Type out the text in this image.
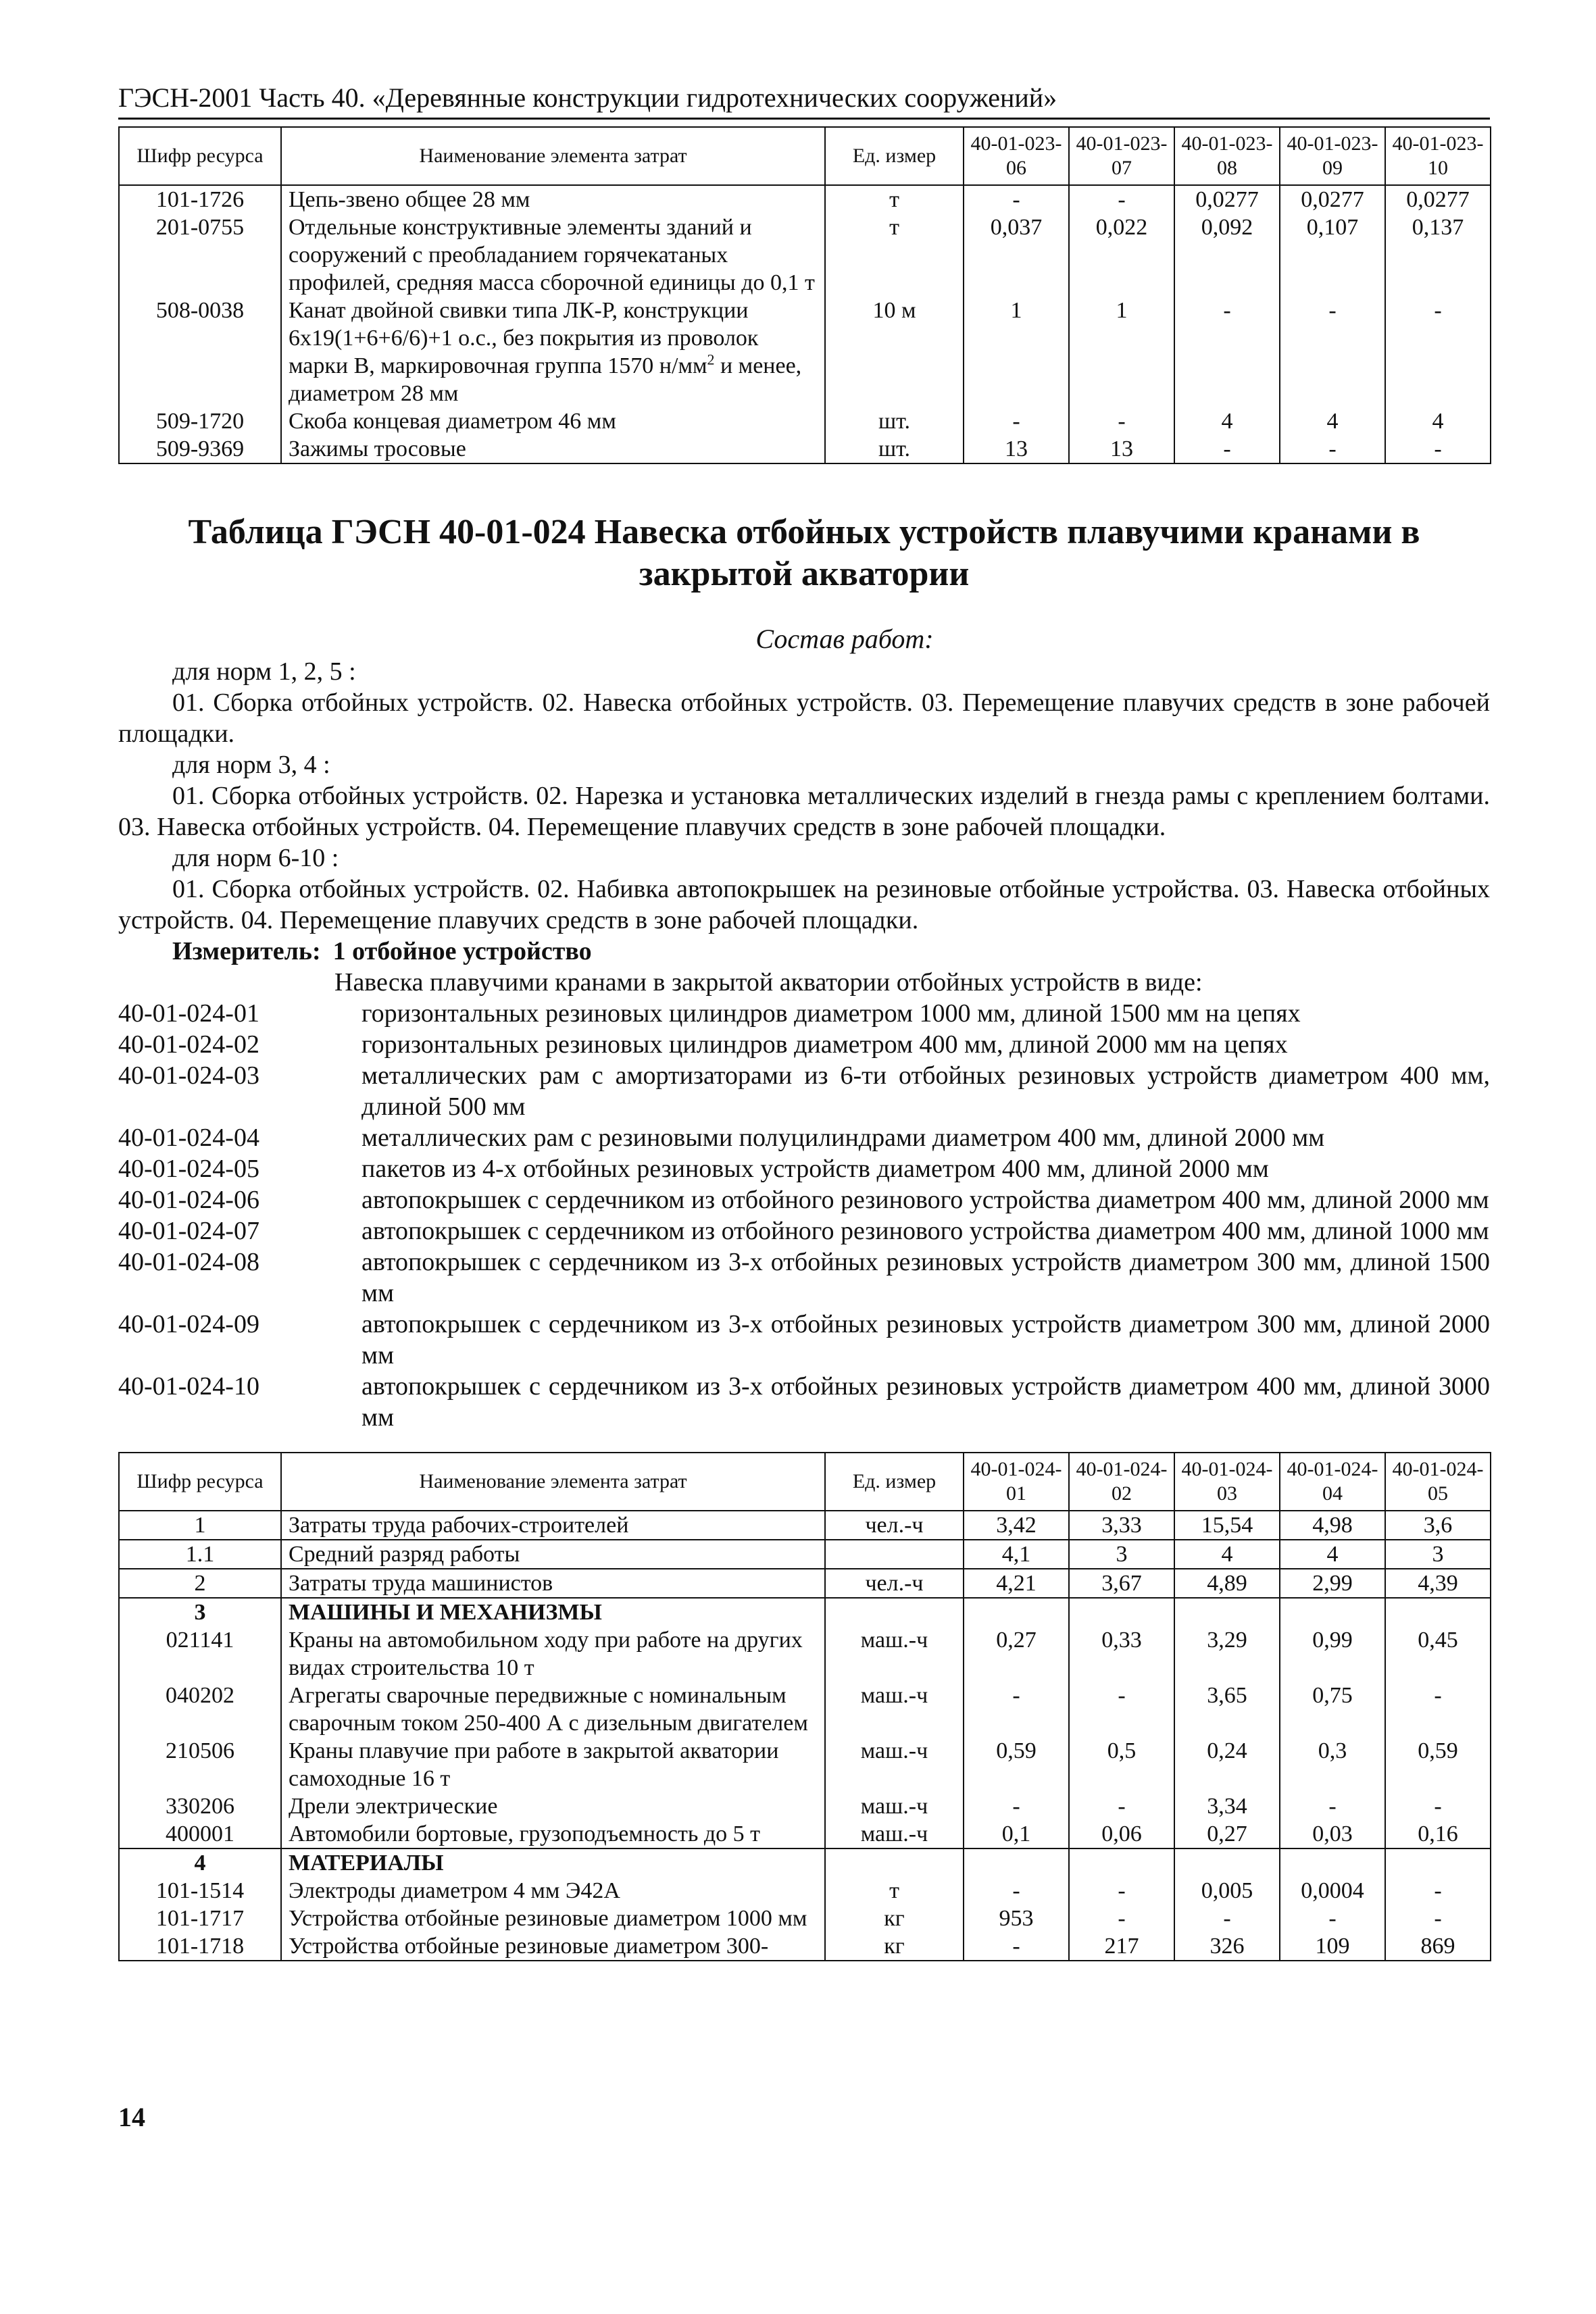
ГЭСН-2001 Часть 40. «Деревянные конструкции гидротехнических сооружений»
Шифр ресурса	Наименование элемента затрат	Ед. измер	40-01-023-06	40-01-023-07	40-01-023-08	40-01-023-09	40-01-023-10
101-1726	Цепь-звено общее 28 мм	т	-	-	0,0277	0,0277	0,0277
201-0755	Отдельные конструктивные элементы зданий и сооружений с преобладанием горячекатаных профилей, средняя масса сборочной единицы до 0,1 т	т	0,037	0,022	0,092	0,107	0,137
508-0038	Канат двойной свивки типа ЛК-Р, конструкции 6х19(1+6+6/6)+1 о.с., без покрытия из проволок марки В, маркировочная группа 1570 $н/мм^2$ и менее, диаметром 28 мм	10 м	1	1	-	-	-
509-1720	Скоба концевая диаметром 46 мм	шт.	-	-	4	4	4
509-9369	Зажимы тросовые	шт.	13	13	-	-	-
Таблица ГЭСН 40-01-024 Навеска отбойных устройств плавучими кранами в закрытой акватории
Состав работ:
для норм 1, 2, 5 :
01. Сборка отбойных устройств. 02. Навеска отбойных устройств. 03. Перемещение плавучих средств в зоне рабочей площадки.
для норм 3, 4 :
01. Сборка отбойных устройств. 02. Нарезка и установка металлических изделий в гнезда рамы с креплением болтами. 03. Навеска отбойных устройств. 04. Перемещение плавучих средств в зоне рабочей площадки.
для норм 6-10 :
01. Сборка отбойных устройств. 02. Набивка автопокрышек на резиновые отбойные устройства. 03. Навеска отбойных устройств. 04. Перемещение плавучих средств в зоне рабочей площадки.
Измеритель: 1 отбойное устройство
Навеска плавучими кранами в закрытой акватории отбойных устройств в виде:
40-01-024-01	горизонтальных резиновых цилиндров диаметром 1000 мм, длиной 1500 мм на цепях
40-01-024-02	горизонтальных резиновых цилиндров диаметром 400 мм, длиной 2000 мм на цепях
40-01-024-03	металлических рам с амортизаторами из 6-ти отбойных резиновых устройств диаметром 400 мм, длиной 500 мм
40-01-024-04	металлических рам с резиновыми полуцилиндрами диаметром 400 мм, длиной 2000 мм
40-01-024-05	пакетов из 4-х отбойных резиновых устройств диаметром 400 мм, длиной 2000 мм
40-01-024-06	автопокрышек с сердечником из отбойного резинового устройства диаметром 400 мм, длиной 2000 мм
40-01-024-07	автопокрышек с сердечником из отбойного резинового устройства диаметром 400 мм, длиной 1000 мм
40-01-024-08	автопокрышек с сердечником из 3-х отбойных резиновых устройств диаметром 300 мм, длиной 1500 мм
40-01-024-09	автопокрышек с сердечником из 3-х отбойных резиновых устройств диаметром 300 мм, длиной 2000 мм
40-01-024-10	автопокрышек с сердечником из 3-х отбойных резиновых устройств диаметром 400 мм, длиной 3000 мм
Шифр ресурса	Наименование элемента затрат	Ед. измер	40-01-024-01	40-01-024-02	40-01-024-03	40-01-024-04	40-01-024-05
1	Затраты труда рабочих-строителей	чел.-ч	3,42	3,33	15,54	4,98	3,6
1.1	Средний разряд работы		4,1	3	4	4	3
2	Затраты труда машинистов	чел.-ч	4,21	3,67	4,89	2,99	4,39
3	МАШИНЫ И МЕХАНИЗМЫ						
021141	Краны на автомобильном ходу при работе на других видах строительства 10 т	маш.-ч	0,27	0,33	3,29	0,99	0,45
040202	Агрегаты сварочные передвижные с номинальным сварочным током 250-400 А с дизельным двигателем	маш.-ч	-	-	3,65	0,75	-
210506	Краны плавучие при работе в закрытой акватории самоходные 16 т	маш.-ч	0,59	0,5	0,24	0,3	0,59
330206	Дрели электрические	маш.-ч	-	-	3,34	-	-
400001	Автомобили бортовые, грузоподъемность до 5 т	маш.-ч	0,1	0,06	0,27	0,03	0,16
4	МАТЕРИАЛЫ						
101-1514	Электроды диаметром 4 мм Э42А	т	-	-	0,005	0,0004	-
101-1717	Устройства отбойные резиновые диаметром 1000 мм	кг	953	-	-	-	-
101-1718	Устройства отбойные резиновые диаметром 300-	кг	-	217	326	109	869
14
